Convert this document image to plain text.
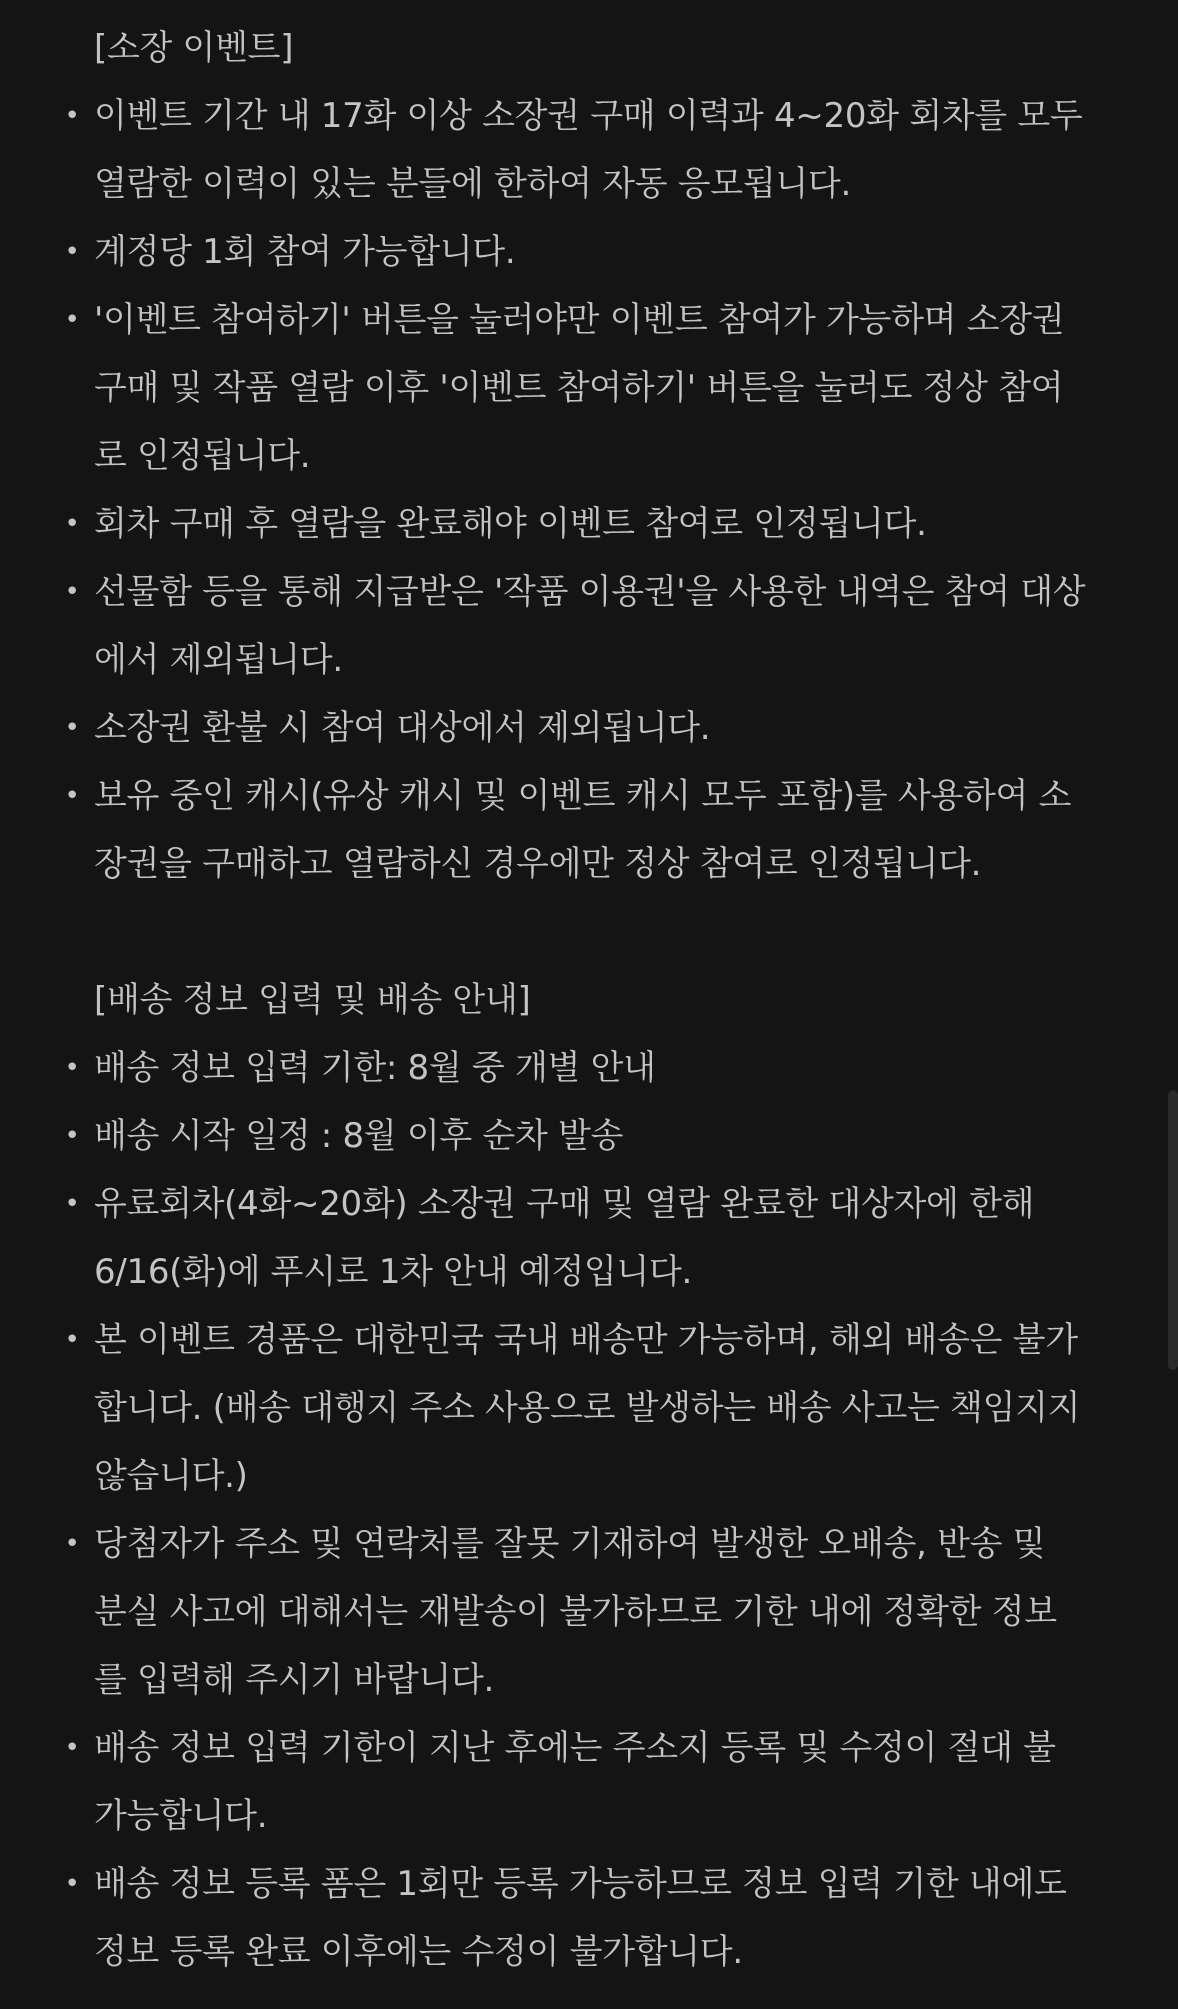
[소장 이벤트]
• 이벤트 기간 내 17화 이상 소장권 구매 이력과 4~20화 회차를 모두
열람한 이력이 있는 분들에 한하여 자동 응모됩니다.
• 계정당 1회 참여 가능합니다.
• '이벤트 참여하기' 버튼을 눌러야만 이벤트 참여가 가능하며 소장권
구매 및 작품 열람 이후 '이벤트 참여하기' 버튼을 눌러도 정상 참여
로 인정됩니다.
• 회차 구매 후 열람을 완료해야 이벤트 참여로 인정됩니다.
• 선물함 등을 통해 지급받은 '작품 이용권'을 사용한 내역은 참여 대상
에서 제외됩니다.
• 소장권 환불 시 참여 대상에서 제외됩니다.
• 보유 중인 캐시(유상 캐시 및 이벤트 캐시 모두 포함)를 사용하여 소
장권을 구매하고 열람하신 경우에만 정상 참여로 인정됩니다.
[배송 정보 입력 및 배송 안내]
• 배송 정보 입력 기한: 8월 중 개별 안내
• 배송 시작 일정 : 8월 이후 순차 발송
• 유료회차(4화~20화) 소장권 구매 및 열람 완료한 대상자에 한해
6/16(화)에 푸시로 1차 안내 예정입니다.
• 본 이벤트 경품은 대한민국 국내 배송만 가능하며, 해외 배송은 불가
합니다. (배송 대행지 주소 사용으로 발생하는 배송 사고는 책임지지
않습니다.)
• 당첨자가 주소 및 연락처를 잘못 기재하여 발생한 오배송, 반송 및
분실 사고에 대해서는 재발송이 불가하므로 기한 내에 정확한 정보
를 입력해 주시기 바랍니다.
• 배송 정보 입력 기한이 지난 후에는 주소지 등록 및 수정이 절대 불
가능합니다.
• 배송 정보 등록 폼은 1회만 등록 가능하므로 정보 입력 기한 내에도
정보 등록 완료 이후에는 수정이 불가합니다.
